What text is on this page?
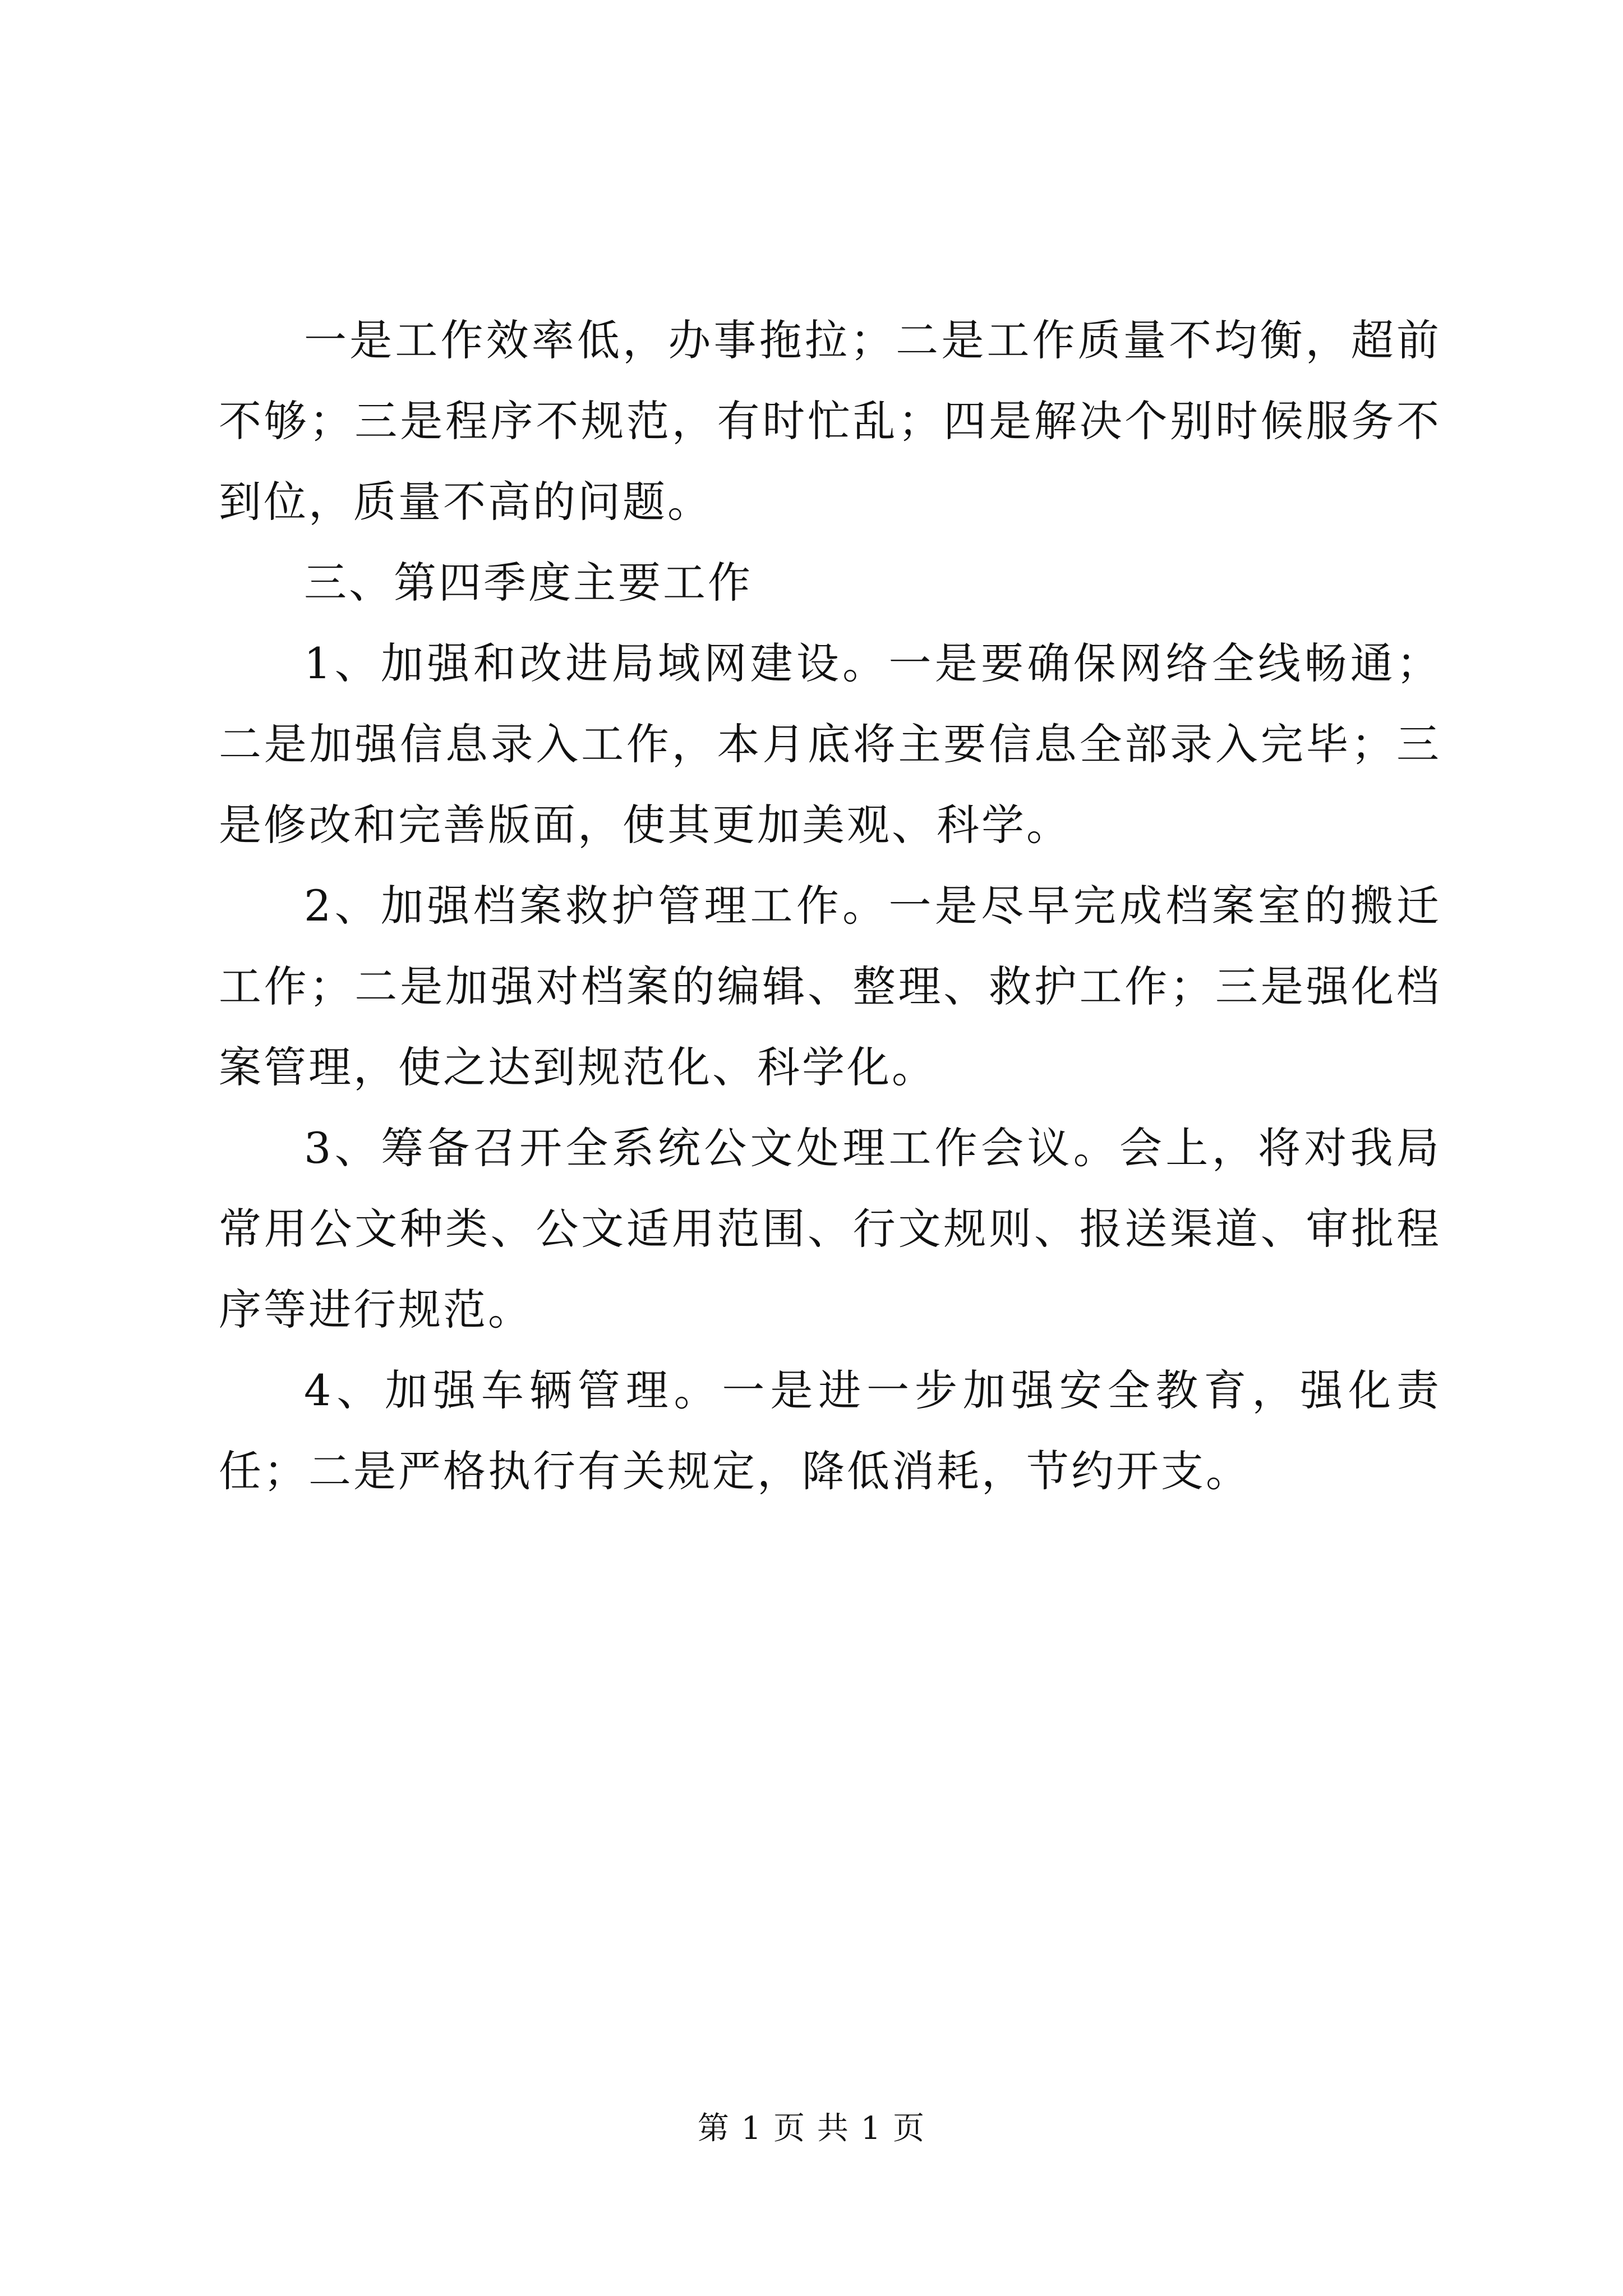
一是工作效率低，办事拖拉；二是工作质量不均衡，超前不够；三是程序不规范，有时忙乱；四是解决个别时候服务不到位，质量不高的问题。

三、第四季度主要工作

1、加强和改进局域网建设。一是要确保网络全线畅通；二是加强信息录入工作，本月底将主要信息全部录入完毕；三是修改和完善版面，使其更加美观、科学。

2、加强档案救护管理工作。一是尽早完成档案室的搬迁工作；二是加强对档案的编辑、整理、救护工作；三是强化档案管理，使之达到规范化、科学化。

3、筹备召开全系统公文处理工作会议。会上，将对我局常用公文种类、公文适用范围、行文规则、报送渠道、审批程序等进行规范。

4、加强车辆管理。一是进一步加强安全教育，强化责任；二是严格执行有关规定，降低消耗，节约开支。

第 1 页 共 1 页
